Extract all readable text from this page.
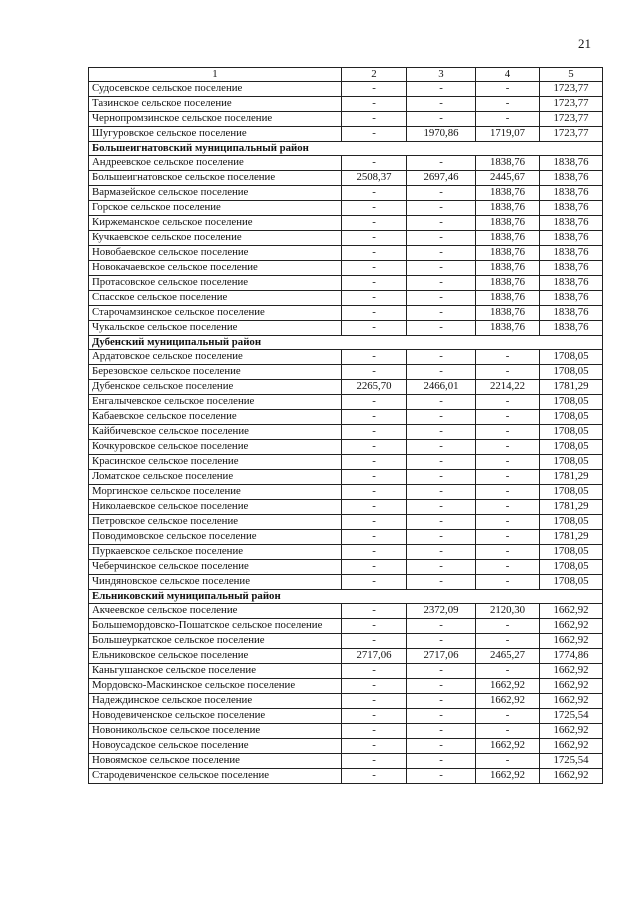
21
1	2	3	4	5
Судосевское сельское поселение	-	-	-	1723,77
Тазинское сельское поселение	-	-	-	1723,77
Чернопромзинское сельское поселение	-	-	-	1723,77
Шугуровское сельское поселение	-	1970,86	1719,07	1723,77
Большеигнатовский муниципальный район				
Андреевское сельское поселение	-	-	1838,76	1838,76
Большеигнатовское сельское поселение	2508,37	2697,46	2445,67	1838,76
Вармазейское сельское поселение	-	-	1838,76	1838,76
Горское сельское поселение	-	-	1838,76	1838,76
Киржеманское сельское поселение	-	-	1838,76	1838,76
Кучкаевское сельское поселение	-	-	1838,76	1838,76
Новобаевское сельское поселение	-	-	1838,76	1838,76
Новокачаевское сельское поселение	-	-	1838,76	1838,76
Протасовское сельское поселение	-	-	1838,76	1838,76
Спасское сельское поселение	-	-	1838,76	1838,76
Старочамзинское сельское поселение	-	-	1838,76	1838,76
Чукальское сельское поселение	-	-	1838,76	1838,76
Дубенский муниципальный район				
Ардатовское сельское поселение	-	-	-	1708,05
Березовское сельское поселение	-	-	-	1708,05
Дубенское сельское поселение	2265,70	2466,01	2214,22	1781,29
Енгалычевское сельское поселение	-	-	-	1708,05
Кабаевское сельское поселение	-	-	-	1708,05
Кайбичевское сельское поселение	-	-	-	1708,05
Кочкуровское сельское поселение	-	-	-	1708,05
Красинское сельское поселение	-	-	-	1708,05
Ломатское сельское поселение	-	-	-	1781,29
Моргинское сельское поселение	-	-	-	1708,05
Николаевское сельское поселение	-	-	-	1781,29
Петровское сельское поселение	-	-	-	1708,05
Поводимовское сельское поселение	-	-	-	1781,29
Пуркаевское сельское поселение	-	-	-	1708,05
Чеберчинское сельское поселение	-	-	-	1708,05
Чиндяновское сельское поселение	-	-	-	1708,05
Ельниковский муниципальный район				
Акчеевское сельское поселение	-	2372,09	2120,30	1662,92
Большемордовско-Пошатское сельское поселение	-	-	-	1662,92
Большеуркатское сельское поселение	-	-	-	1662,92
Ельниковское сельское поселение	2717,06	2717,06	2465,27	1774,86
Каньгушанское сельское поселение	-	-	-	1662,92
Мордовско-Маскинское сельское поселение	-	-	1662,92	1662,92
Надеждинское сельское поселение	-	-	1662,92	1662,92
Новодевиченское сельское поселение	-	-	-	1725,54
Новоникольское сельское поселение	-	-	-	1662,92
Новоусадское сельское поселение	-	-	1662,92	1662,92
Новоямское сельское поселение	-	-	-	1725,54
Стародевиченское сельское поселение	-	-	1662,92	1662,92
